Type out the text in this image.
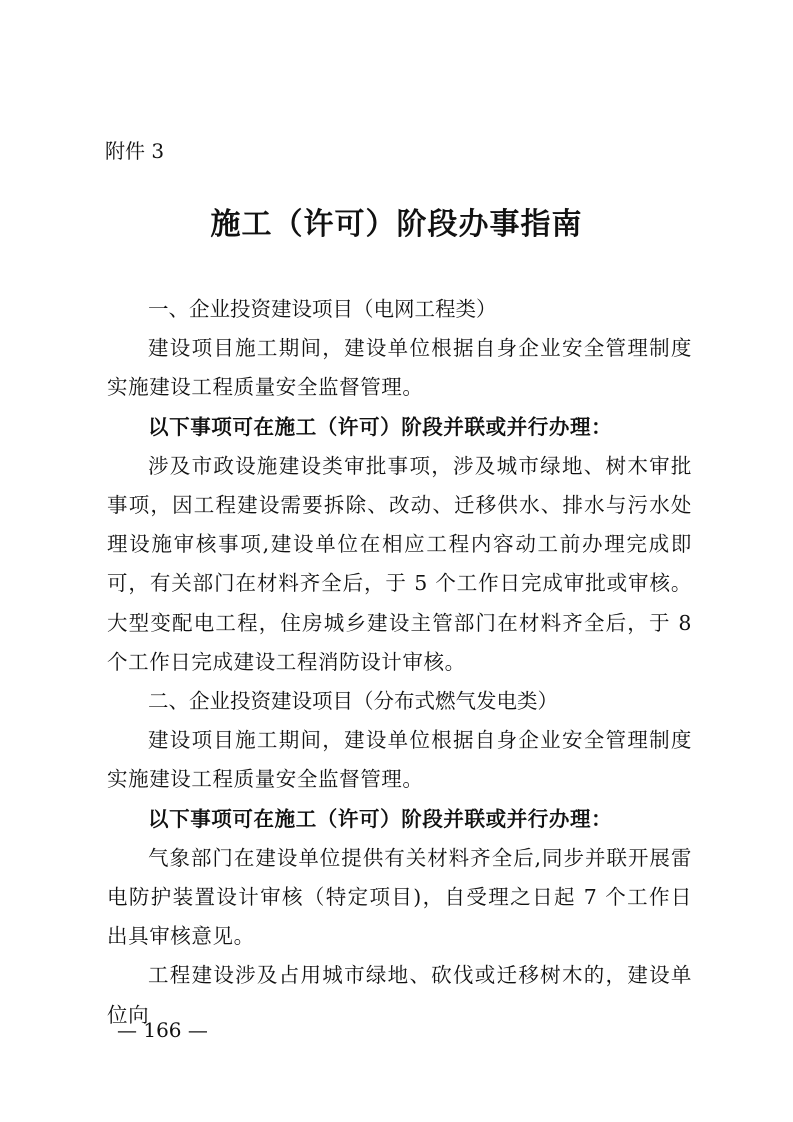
附件 3

施工（许可）阶段办事指南
一、企业投资建设项目（电网工程类）

建设项目施工期间，建设单位根据自身企业安全管理制度实施建设工程质量安全监督管理。

以下事项可在施工（许可）阶段并联或并行办理：

涉及市政设施建设类审批事项，涉及城市绿地、树木审批事项，因工程建设需要拆除、改动、迁移供水、排水与污水处理设施审核事项,建设单位在相应工程内容动工前办理完成即可，有关部门在材料齐全后，于 5 个工作日完成审批或审核。大型变配电工程，住房城乡建设主管部门在材料齐全后，于 8 个工作日完成建设工程消防设计审核。

二、企业投资建设项目（分布式燃气发电类）

建设项目施工期间，建设单位根据自身企业安全管理制度实施建设工程质量安全监督管理。

以下事项可在施工（许可）阶段并联或并行办理：

气象部门在建设单位提供有关材料齐全后,同步并联开展雷电防护装置设计审核（特定项目)，自受理之日起 7 个工作日出具审核意见。

工程建设涉及占用城市绿地、砍伐或迁移树木的，建设单位向

— 166 —
